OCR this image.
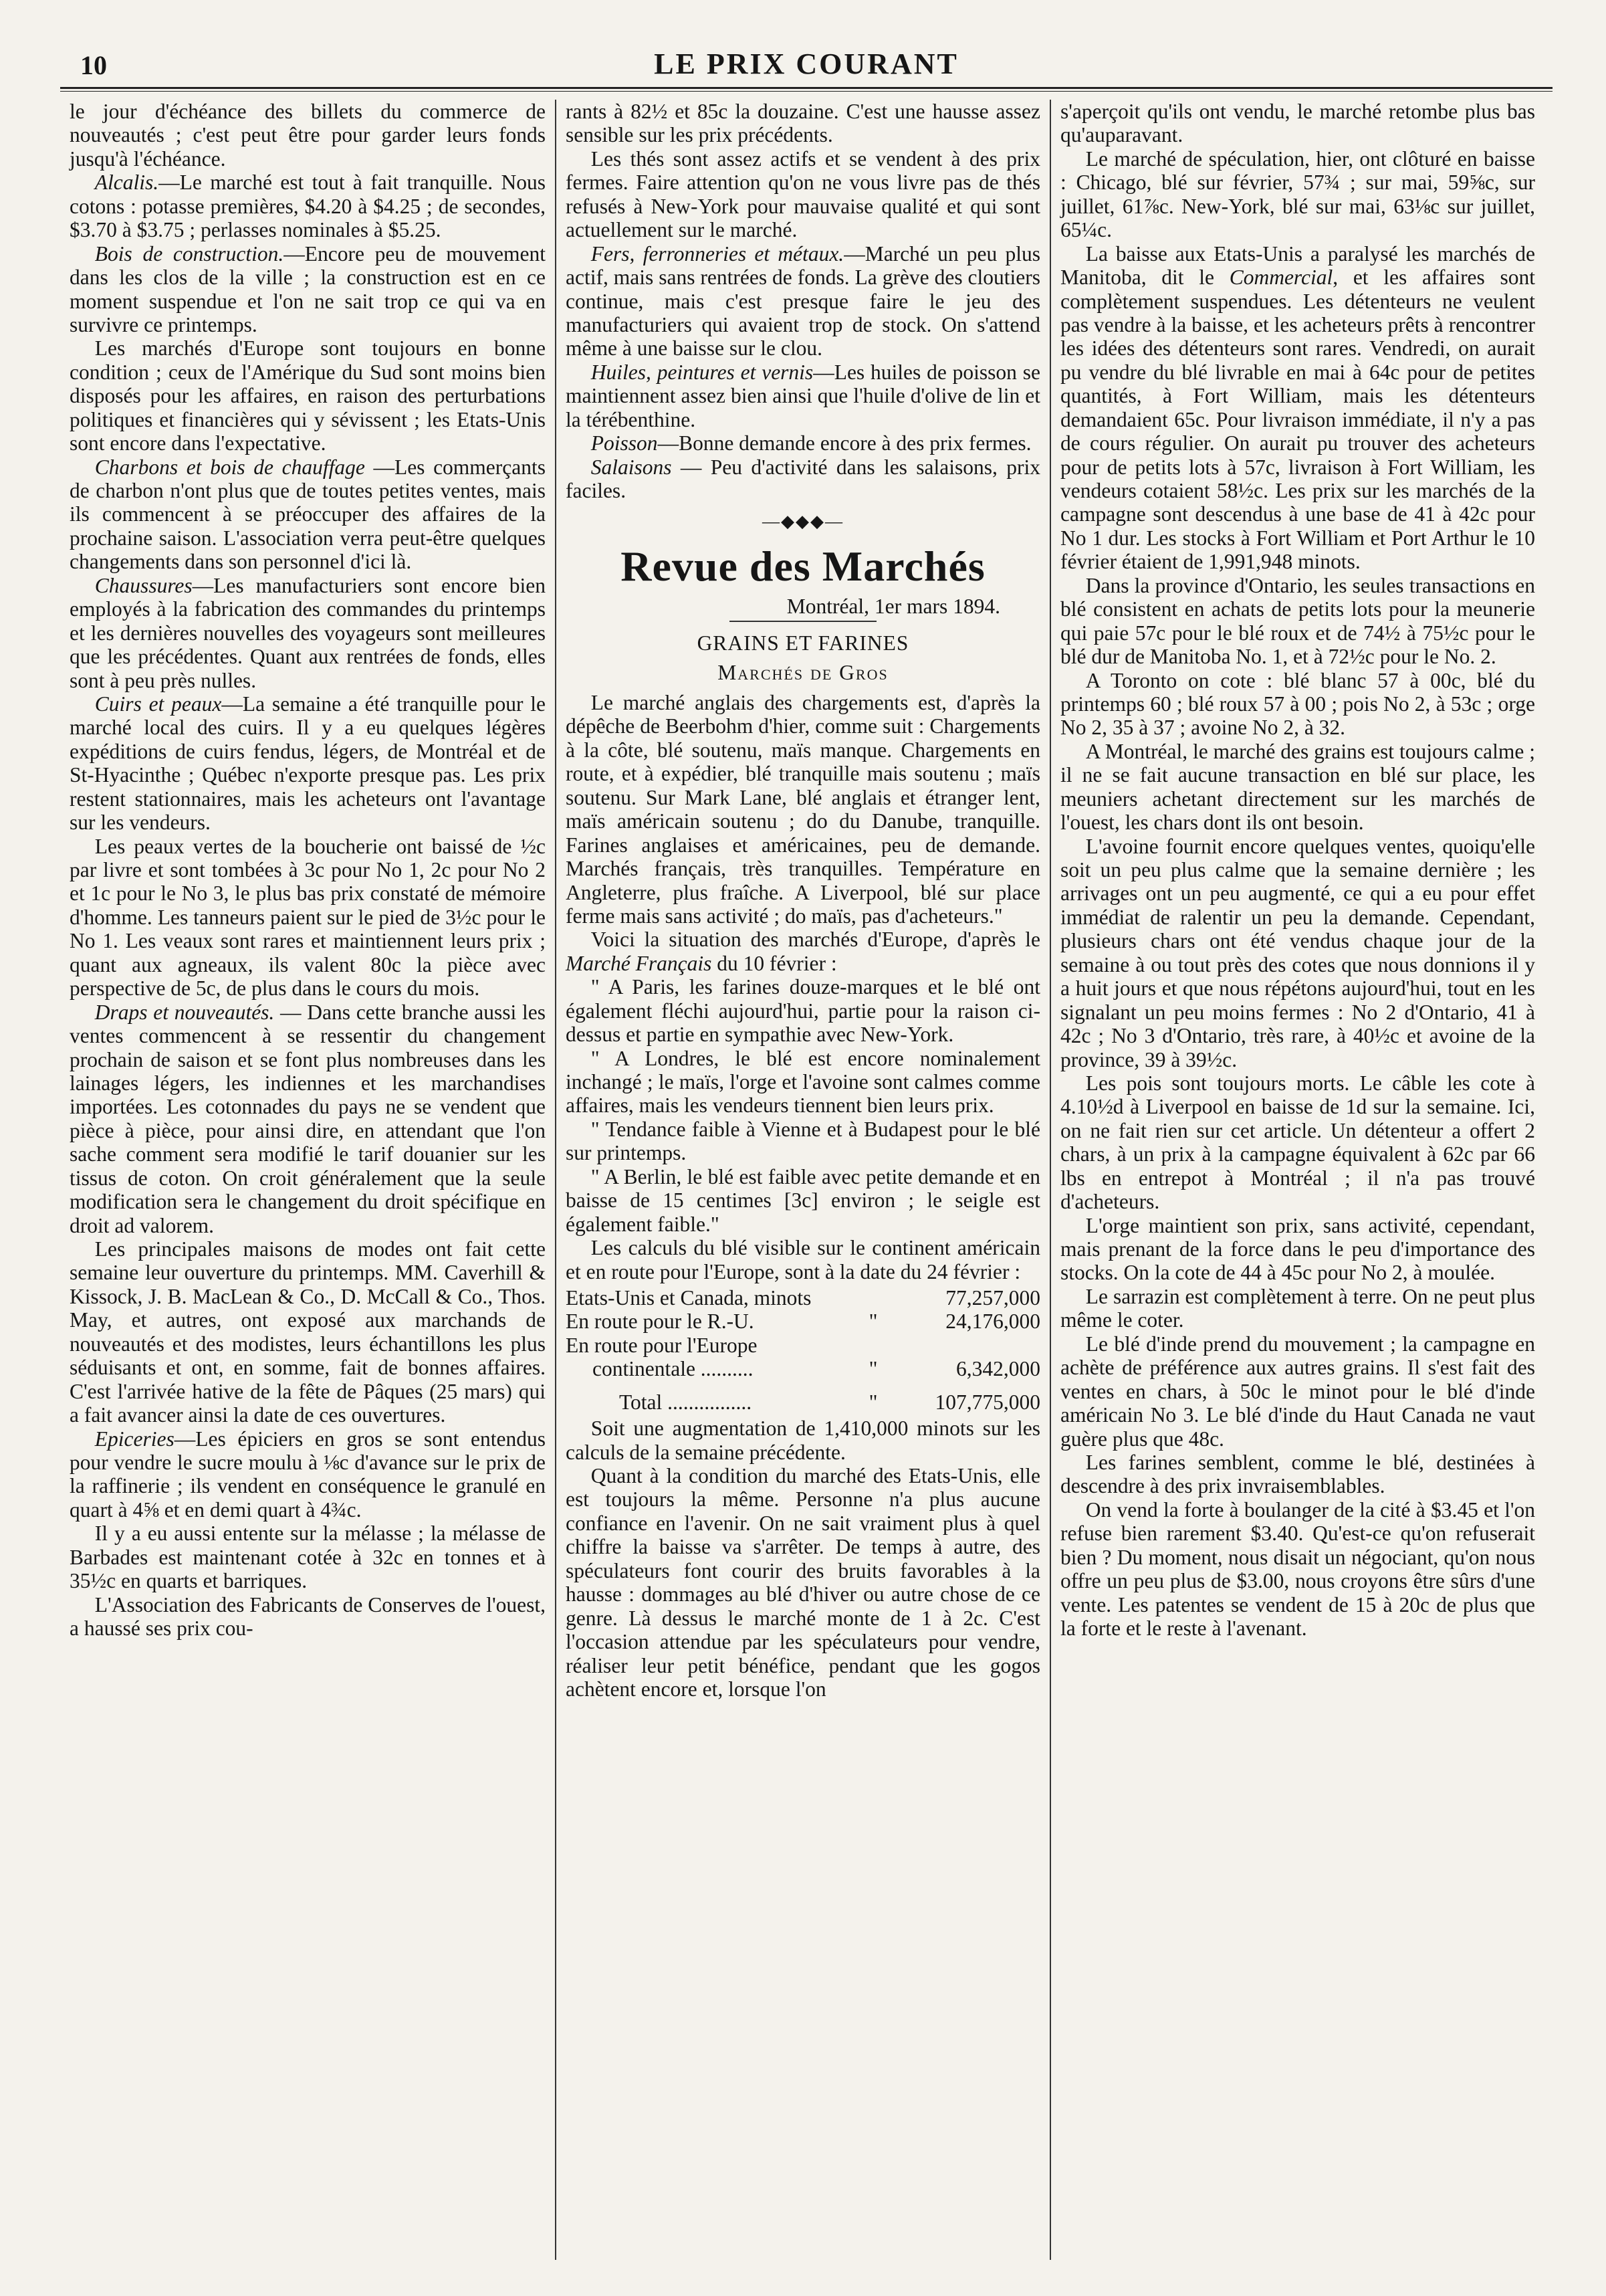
10	LE PRIX COURANT

le jour d'échéance des billets du commerce de nouveautés ; c'est peut être pour garder leurs fonds jusqu'à l'échéance.

Alcalis.—Le marché est tout à fait tranquille. Nous cotons : potasse premières, $4.20 à $4.25 ; de secondes, $3.70 à $3.75 ; perlasses nominales à $5.25.

Bois de construction.—Encore peu de mouvement dans les clos de la ville ; la construction est en ce moment suspendue et l'on ne sait trop ce qui va en survivre ce printemps.

Les marchés d'Europe sont toujours en bonne condition ; ceux de l'Amérique du Sud sont moins bien disposés pour les affaires, en raison des perturbations politiques et financières qui y sévissent ; les Etats-Unis sont encore dans l'expectative.

Charbons et bois de chauffage —Les commerçants de charbon n'ont plus que de toutes petites ventes, mais ils commencent à se préoccuper des affaires de la prochaine saison. L'association verra peut-être quelques changements dans son personnel d'ici là.

Chaussures—Les manufacturiers sont encore bien employés à la fabrication des commandes du printemps et les dernières nouvelles des voyageurs sont meilleures que les précédentes. Quant aux rentrées de fonds, elles sont à peu près nulles.

Cuirs et peaux—La semaine a été tranquille pour le marché local des cuirs. Il y a eu quelques légères expéditions de cuirs fendus, légers, de Montréal et de St-Hyacinthe ; Québec n'exporte presque pas. Les prix restent stationnaires, mais les acheteurs ont l'avantage sur les vendeurs.

Les peaux vertes de la boucherie ont baissé de ½c par livre et sont tombées à 3c pour No 1, 2c pour No 2 et 1c pour le No 3, le plus bas prix constaté de mémoire d'homme. Les tanneurs paient sur le pied de 3½c pour le No 1. Les veaux sont rares et maintiennent leurs prix ; quant aux agneaux, ils valent 80c la pièce avec perspective de 5c, de plus dans le cours du mois.

Draps et nouveautés. — Dans cette branche aussi les ventes commencent à se ressentir du changement prochain de saison et se font plus nombreuses dans les lainages légers, les indiennes et les marchandises importées. Les cotonnades du pays ne se vendent que pièce à pièce, pour ainsi dire, en attendant que l'on sache comment sera modifié le tarif douanier sur les tissus de coton. On croit généralement que la seule modification sera le changement du droit spécifique en droit ad valorem.

Les principales maisons de modes ont fait cette semaine leur ouverture du printemps. MM. Caverhill & Kissock, J. B. MacLean & Co., D. McCall & Co., Thos. May, et autres, ont exposé aux marchands de nouveautés et des modistes, leurs échantillons les plus séduisants et ont, en somme, fait de bonnes affaires. C'est l'arrivée hative de la fête de Pâques (25 mars) qui a fait avancer ainsi la date de ces ouvertures.

Epiceries—Les épiciers en gros se sont entendus pour vendre le sucre moulu à ⅛c d'avance sur le prix de la raffinerie ; ils vendent en conséquence le granulé en quart à 4⅝ et en demi quart à 4¾c.

Il y a eu aussi entente sur la mélasse ; la mélasse de Barbades est maintenant cotée à 32c en tonnes et à 35½c en quarts et barriques.

L'Association des Fabricants de Conserves de l'ouest, a haussé ses prix cou-

rants à 82½ et 85c la douzaine. C'est une hausse assez sensible sur les prix précédents.

Les thés sont assez actifs et se vendent à des prix fermes. Faire attention qu'on ne vous livre pas de thés refusés à New-York pour mauvaise qualité et qui sont actuellement sur le marché.

Fers, ferronneries et métaux.—Marché un peu plus actif, mais sans rentrées de fonds. La grève des cloutiers continue, mais c'est presque faire le jeu des manufacturiers qui avaient trop de stock. On s'attend même à une baisse sur le clou.

Huiles, peintures et vernis—Les huiles de poisson se maintiennent assez bien ainsi que l'huile d'olive de lin et la térébenthine.

Poisson—Bonne demande encore à des prix fermes.

Salaisons — Peu d'activité dans les salaisons, prix faciles.

—◆◆◆—
Revue des Marchés
Montréal, 1er mars 1894.
GRAINS ET FARINES
Marchés de Gros

Le marché anglais des chargements est, d'après la dépêche de Beerbohm d'hier, comme suit : Chargements à la côte, blé soutenu, maïs manque. Chargements en route, et à expédier, blé tranquille mais soutenu ; maïs soutenu. Sur Mark Lane, blé anglais et étranger lent, maïs américain soutenu ; do du Danube, tranquille. Farines anglaises et américaines, peu de demande. Marchés français, très tranquilles. Température en Angleterre, plus fraîche. A Liverpool, blé sur place ferme mais sans activité ; do maïs, pas d'acheteurs."

Voici la situation des marchés d'Europe, d'après le Marché Français du 10 février :

" A Paris, les farines douze-marques et le blé ont également fléchi aujourd'hui, partie pour la raison ci-dessus et partie en sympathie avec New-York.

" A Londres, le blé est encore nominalement inchangé ; le maïs, l'orge et l'avoine sont calmes comme affaires, mais les vendeurs tiennent bien leurs prix.

" Tendance faible à Vienne et à Budapest pour le blé sur printemps.

" A Berlin, le blé est faible avec petite demande et en baisse de 15 centimes [3c] environ ; le seigle est également faible."

Les calculs du blé visible sur le continent américain et en route pour l'Europe, sont à la date du 24 février :

Etats-Unis et Canada, minots		77,257,000
En route pour le R.-U.	"	24,176,000
En route pour l'Europe		
continentale ..........	"	6,342,000
Total ................	"	107,775,000

Soit une augmentation de 1,410,000 minots sur les calculs de la semaine précédente.

Quant à la condition du marché des Etats-Unis, elle est toujours la même. Personne n'a plus aucune confiance en l'avenir. On ne sait vraiment plus à quel chiffre la baisse va s'arrêter. De temps à autre, des spéculateurs font courir des bruits favorables à la hausse : dommages au blé d'hiver ou autre chose de ce genre. Là dessus le marché monte de 1 à 2c. C'est l'occasion attendue par les spéculateurs pour vendre, réaliser leur petit bénéfice, pendant que les gogos achètent encore et, lorsque l'on

s'aperçoit qu'ils ont vendu, le marché retombe plus bas qu'auparavant.

Le marché de spéculation, hier, ont clôturé en baisse : Chicago, blé sur février, 57¾ ; sur mai, 59⅝c, sur juillet, 61⅞c. New-York, blé sur mai, 63⅛c sur juillet, 65¼c.

La baisse aux Etats-Unis a paralysé les marchés de Manitoba, dit le Commercial, et les affaires sont complètement suspendues. Les détenteurs ne veulent pas vendre à la baisse, et les acheteurs prêts à rencontrer les idées des détenteurs sont rares. Vendredi, on aurait pu vendre du blé livrable en mai à 64c pour de petites quantités, à Fort William, mais les détenteurs demandaient 65c. Pour livraison immédiate, il n'y a pas de cours régulier. On aurait pu trouver des acheteurs pour de petits lots à 57c, livraison à Fort William, les vendeurs cotaient 58½c. Les prix sur les marchés de la campagne sont descendus à une base de 41 à 42c pour No 1 dur. Les stocks à Fort William et Port Arthur le 10 février étaient de 1,991,948 minots.

Dans la province d'Ontario, les seules transactions en blé consistent en achats de petits lots pour la meunerie qui paie 57c pour le blé roux et de 74½ à 75½c pour le blé dur de Manitoba No. 1, et à 72½c pour le No. 2.

A Toronto on cote : blé blanc 57 à 00c, blé du printemps 60 ; blé roux 57 à 00 ; pois No 2, à 53c ; orge No 2, 35 à 37 ; avoine No 2, à 32.

A Montréal, le marché des grains est toujours calme ; il ne se fait aucune transaction en blé sur place, les meuniers achetant directement sur les marchés de l'ouest, les chars dont ils ont besoin.

L'avoine fournit encore quelques ventes, quoiqu'elle soit un peu plus calme que la semaine dernière ; les arrivages ont un peu augmenté, ce qui a eu pour effet immédiat de ralentir un peu la demande. Cependant, plusieurs chars ont été vendus chaque jour de la semaine à ou tout près des cotes que nous donnions il y a huit jours et que nous répétons aujourd'hui, tout en les signalant un peu moins fermes : No 2 d'Ontario, 41 à 42c ; No 3 d'Ontario, très rare, à 40½c et avoine de la province, 39 à 39½c.

Les pois sont toujours morts. Le câble les cote à 4.10½d à Liverpool en baisse de 1d sur la semaine. Ici, on ne fait rien sur cet article. Un détenteur a offert 2 chars, à un prix à la campagne équivalent à 62c par 66 lbs en entrepot à Montréal ; il n'a pas trouvé d'acheteurs.

L'orge maintient son prix, sans activité, cependant, mais prenant de la force dans le peu d'importance des stocks. On la cote de 44 à 45c pour No 2, à moulée.

Le sarrazin est complètement à terre. On ne peut plus même le coter.

Le blé d'inde prend du mouvement ; la campagne en achète de préférence aux autres grains. Il s'est fait des ventes en chars, à 50c le minot pour le blé d'inde américain No 3. Le blé d'inde du Haut Canada ne vaut guère plus que 48c.

Les farines semblent, comme le blé, destinées à descendre à des prix invraisemblables.

On vend la forte à boulanger de la cité à $3.45 et l'on refuse bien rarement $3.40. Qu'est-ce qu'on refuserait bien ? Du moment, nous disait un négociant, qu'on nous offre un peu plus de $3.00, nous croyons être sûrs d'une vente. Les patentes se vendent de 15 à 20c de plus que la forte et le reste à l'avenant.
